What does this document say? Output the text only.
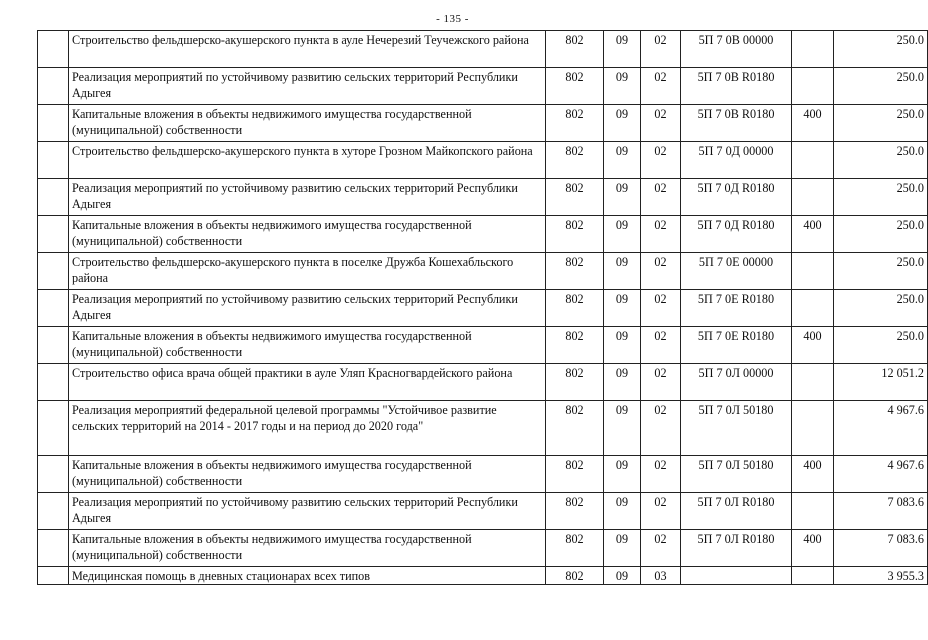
- 135 -
	Строительство фельдшерско-акушерского пункта в ауле Нечерезий Теучежского района	802	09	02	5П 7 0В 00000		250.0
	Реализация мероприятий по устойчивому развитию сельских территорий Республики Адыгея	802	09	02	5П 7 0В R0180		250.0
	Капитальные вложения в объекты недвижимого имущества государственной (муниципальной) собственности	802	09	02	5П 7 0В R0180	400	250.0
	Строительство фельдшерско-акушерского пункта в хуторе Грозном Майкопского района	802	09	02	5П 7 0Д 00000		250.0
	Реализация мероприятий по устойчивому развитию сельских территорий Республики Адыгея	802	09	02	5П 7 0Д R0180		250.0
	Капитальные вложения в объекты недвижимого имущества государственной (муниципальной) собственности	802	09	02	5П 7 0Д R0180	400	250.0
	Строительство фельдшерско-акушерского пункта в поселке Дружба Кошехабльского района	802	09	02	5П 7 0Е 00000		250.0
	Реализация мероприятий по устойчивому развитию сельских территорий Республики Адыгея	802	09	02	5П 7 0Е R0180		250.0
	Капитальные вложения в объекты недвижимого имущества государственной (муниципальной) собственности	802	09	02	5П 7 0Е R0180	400	250.0
	Строительство офиса врача общей практики в ауле Уляп Красногвардейского района	802	09	02	5П 7 0Л 00000		12 051.2
	Реализация мероприятий федеральной целевой программы "Устойчивое развитие сельских территорий на 2014 - 2017 годы и на период до 2020 года"	802	09	02	5П 7 0Л 50180		4 967.6
	Капитальные вложения в объекты недвижимого имущества государственной (муниципальной) собственности	802	09	02	5П 7 0Л 50180	400	4 967.6
	Реализация мероприятий по устойчивому развитию сельских территорий Республики Адыгея	802	09	02	5П 7 0Л R0180		7 083.6
	Капитальные вложения в объекты недвижимого имущества государственной (муниципальной) собственности	802	09	02	5П 7 0Л R0180	400	7 083.6
	Медицинская помощь в дневных стационарах всех типов	802	09	03			3 955.3
